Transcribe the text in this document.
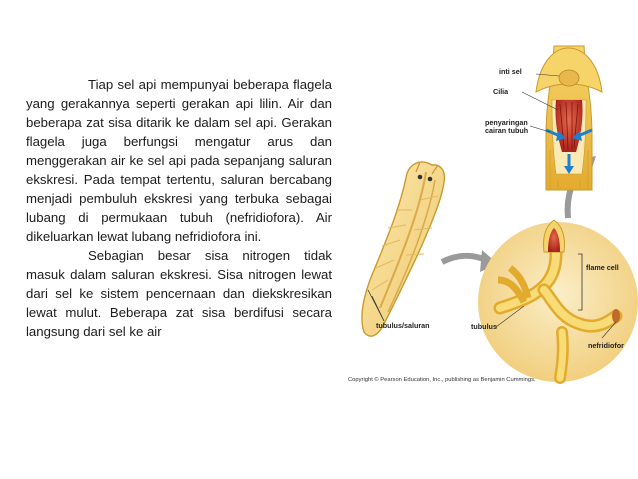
Tiap sel api mempunyai beberapa flagela yang gerakannya seperti gerakan api lilin. Air dan beberapa zat sisa ditarik ke dalam sel api. Gerakan flagela juga berfungsi mengatur arus dan menggerakan air ke sel api pada sepanjang saluran ekskresi. Pada tempat tertentu, saluran bercabang menjadi pembuluh ekskresi yang terbuka sebagai lubang di permukaan tubuh (nefridiofora). Air dikeluarkan lewat lubang nefridiofora ini.

Sebagian besar sisa nitrogen tidak masuk dalam saluran ekskresi. Sisa nitrogen lewat dari sel ke sistem pencernaan dan diekskresikan lewat mulut. Beberapa zat sisa berdifusi secara langsung dari sel ke air

inti sel
Cilia
penyaringan
cairan tubuh
flame cell
tubulus/saluran	tubulus
nefridiofor
Copyright © Pearson Education, Inc., publishing as Benjamin Cummings.
